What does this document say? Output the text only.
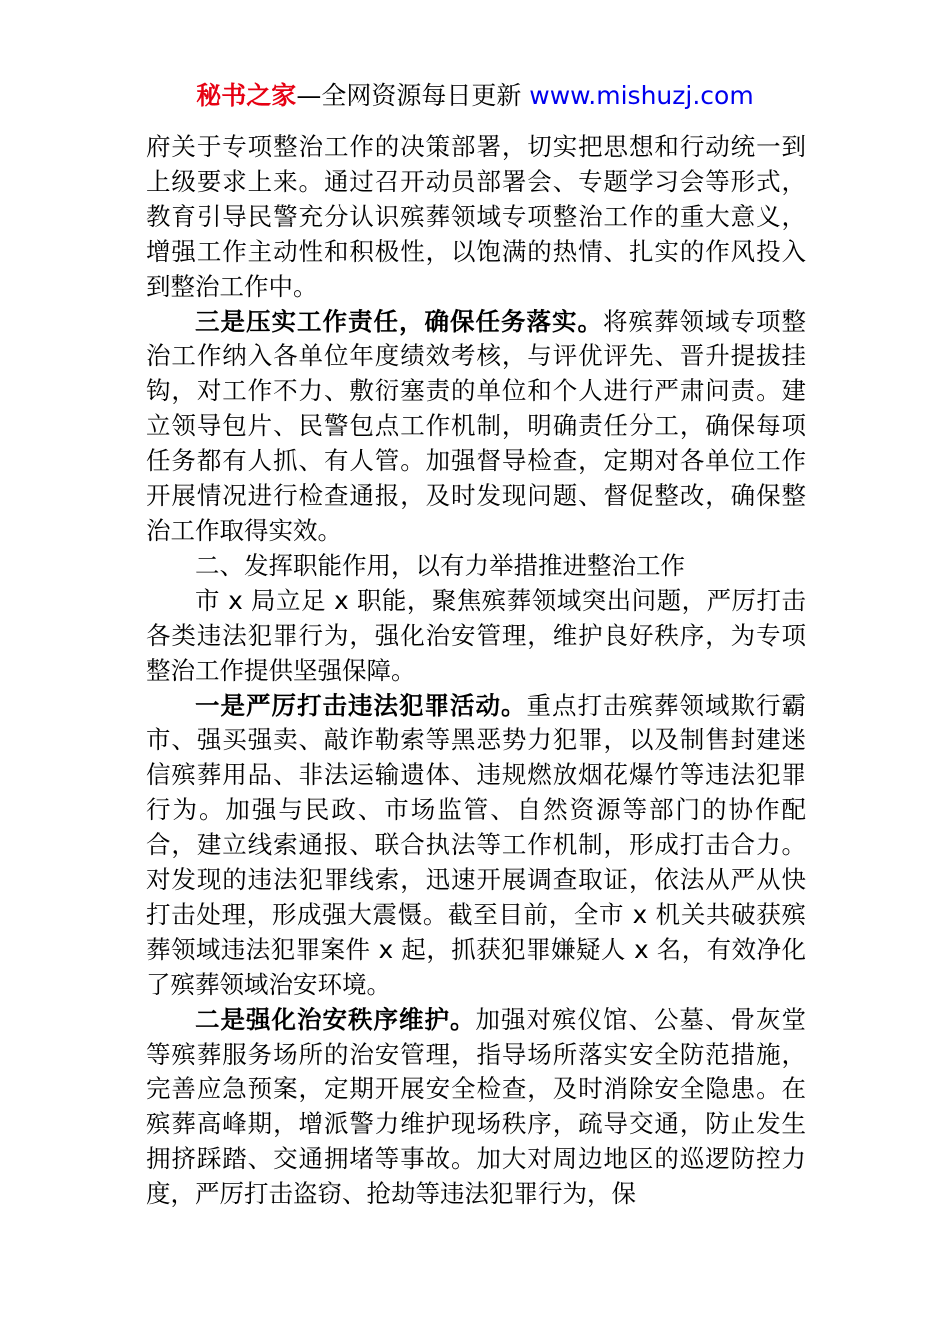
秘书之家—全网资源每日更新 www.mishuzj.com

府关于专项整治工作的决策部署，切实把思想和行动统一到上级要求上来。通过召开动员部署会、专题学习会等形式，教育引导民警充分认识殡葬领域专项整治工作的重大意义，增强工作主动性和积极性，以饱满的热情、扎实的作风投入到整治工作中。

三是压实工作责任，确保任务落实。将殡葬领域专项整治工作纳入各单位年度绩效考核，与评优评先、晋升提拔挂钩，对工作不力、敷衍塞责的单位和个人进行严肃问责。建立领导包片、民警包点工作机制，明确责任分工，确保每项任务都有人抓、有人管。加强督导检查，定期对各单位工作开展情况进行检查通报，及时发现问题、督促整改，确保整治工作取得实效。

二、发挥职能作用，以有力举措推进整治工作

市 x 局立足 x 职能，聚焦殡葬领域突出问题，严厉打击各类违法犯罪行为，强化治安管理，维护良好秩序，为专项整治工作提供坚强保障。

一是严厉打击违法犯罪活动。重点打击殡葬领域欺行霸市、强买强卖、敲诈勒索等黑恶势力犯罪，以及制售封建迷信殡葬用品、非法运输遗体、违规燃放烟花爆竹等违法犯罪行为。加强与民政、市场监管、自然资源等部门的协作配合，建立线索通报、联合执法等工作机制，形成打击合力。对发现的违法犯罪线索，迅速开展调查取证，依法从严从快打击处理，形成强大震慑。截至目前，全市 x 机关共破获殡葬领域违法犯罪案件 x 起，抓获犯罪嫌疑人 x 名，有效净化了殡葬领域治安环境。

二是强化治安秩序维护。加强对殡仪馆、公墓、骨灰堂等殡葬服务场所的治安管理，指导场所落实安全防范措施，完善应急预案，定期开展安全检查，及时消除安全隐患。在殡葬高峰期，增派警力维护现场秩序，疏导交通，防止发生拥挤踩踏、交通拥堵等事故。加大对周边地区的巡逻防控力度，严厉打击盗窃、抢劫等违法犯罪行为，保
